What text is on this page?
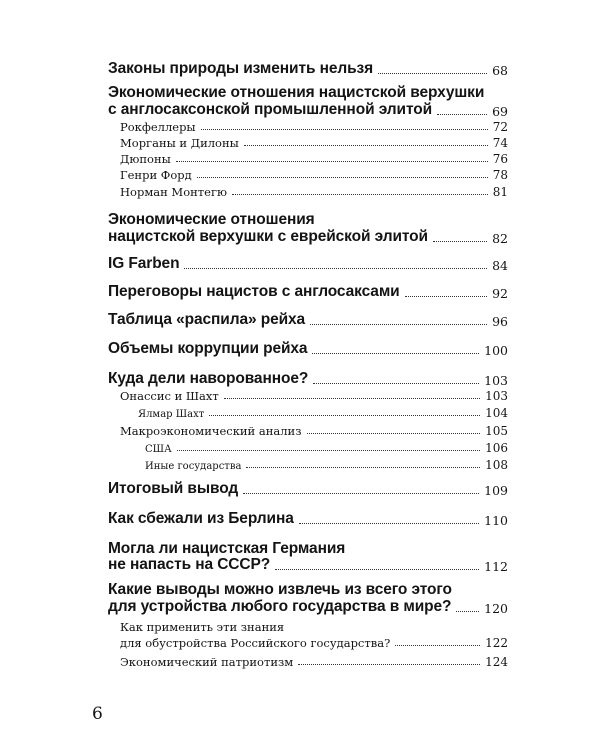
Законы природы изменить нельзя	68
Экономические отношения нацистской верхушки
с англосаксонской промышленной элитой	69
Рокфеллеры	72
Морганы и Дилоны	74
Дюпоны	76
Генри Форд	78
Норман Монтегю	81
Экономические отношения
нацистской верхушки с еврейской элитой	82
IG Farben	84
Переговоры нацистов с англосаксами	92
Таблица «распила» рейха	96
Объемы коррупции рейха	100
Куда дели наворованное?	103
Онассис и Шахт	103
Ялмар Шахт	104
Макроэкономический анализ	105
США	106
Иные государства	108
Итоговый вывод	109
Как сбежали из Берлина	110
Могла ли нацистская Германия
не напасть на СССР?	112
Какие выводы можно извлечь из всего этого
для устройства любого государства в мире?	120
Как применить эти знания
для обустройства Российского государства?	122
Экономический патриотизм	124
6
